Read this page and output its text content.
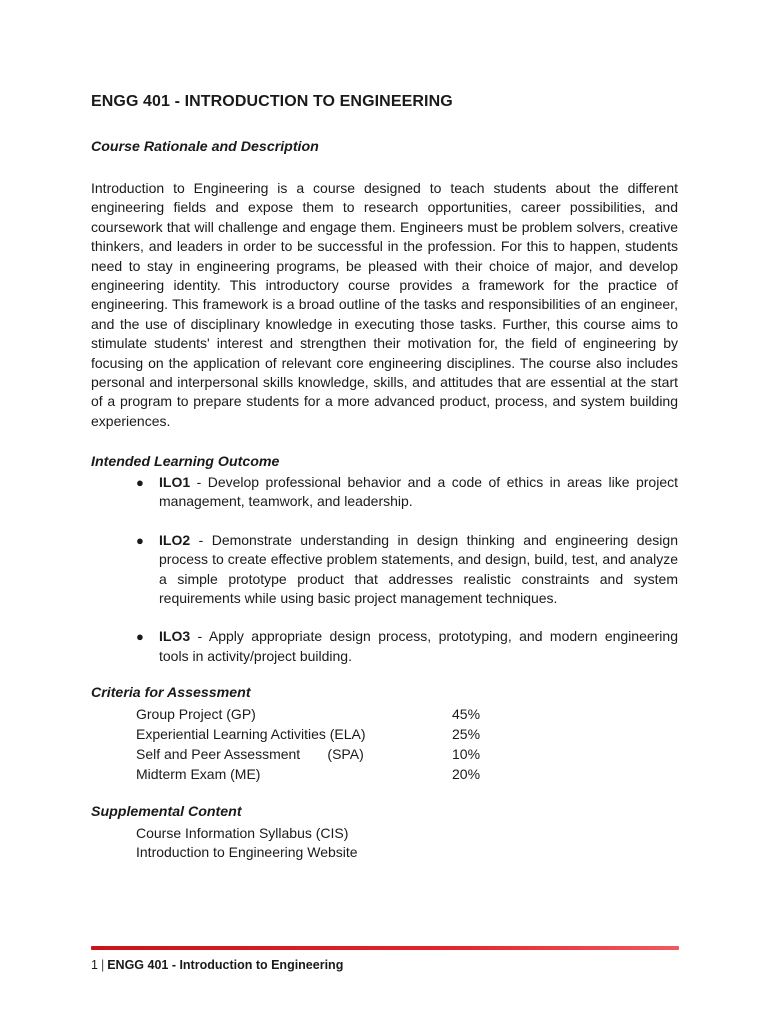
ENGG 401 - INTRODUCTION TO ENGINEERING
Course Rationale and Description
Introduction to Engineering is a course designed to teach students about the different engineering fields and expose them to research opportunities, career possibilities, and coursework that will challenge and engage them. Engineers must be problem solvers, creative thinkers, and leaders in order to be successful in the profession. For this to happen, students need to stay in engineering programs, be pleased with their choice of major, and develop engineering identity. This introductory course provides a framework for the practice of engineering. This framework is a broad outline of the tasks and responsibilities of an engineer, and the use of disciplinary knowledge in executing those tasks. Further, this course aims to stimulate students' interest and strengthen their motivation for, the field of engineering by focusing on the application of relevant core engineering disciplines. The course also includes personal and interpersonal skills knowledge, skills, and attitudes that are essential at the start of a program to prepare students for a more advanced product, process, and system building experiences.
Intended Learning Outcome
● ILO1 - Develop professional behavior and a code of ethics in areas like project management, teamwork, and leadership.
● ILO2 - Demonstrate understanding in design thinking and engineering design process to create effective problem statements, and design, build, test, and analyze a simple prototype product that addresses realistic constraints and system requirements while using basic project management techniques.
● ILO3 - Apply appropriate design process, prototyping, and modern engineering tools in activity/project building.
Criteria for Assessment
Group Project (GP)	45%
Experiential Learning Activities (ELA)	25%
Self and Peer Assessment       (SPA)	10%
Midterm Exam (ME)	20%
Supplemental Content
Course Information Syllabus (CIS)
Introduction to Engineering Website
1 | ENGG 401 - Introduction to Engineering
